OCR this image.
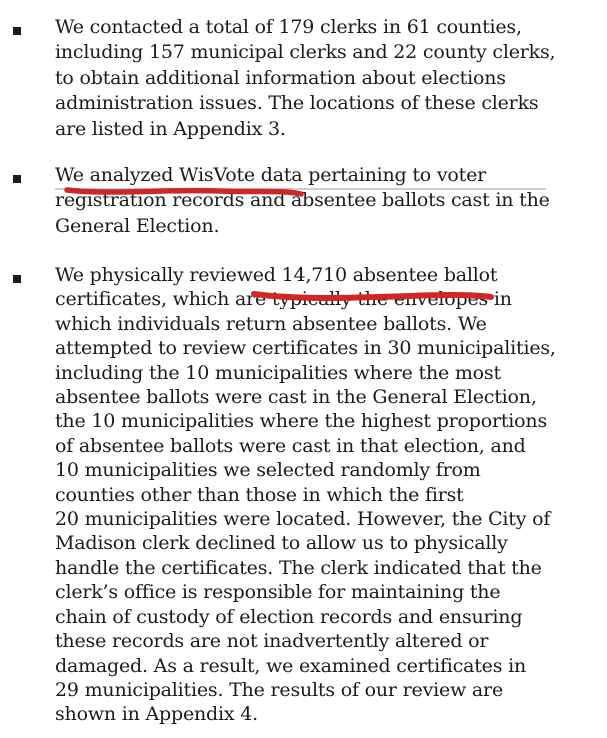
We contacted a total of 179 clerks in 61 counties,
including 157 municipal clerks and 22 county clerks,
to obtain additional information about elections
administration issues. The locations of these clerks
are listed in Appendix 3.
We analyzed WisVote data pertaining to voter
registration records and absentee ballots cast in the
General Election.
We physically reviewed 14,710 absentee ballot
certificates, which are typically the envelopes in
which individuals return absentee ballots. We
attempted to review certificates in 30 municipalities,
including the 10 municipalities where the most
absentee ballots were cast in the General Election,
the 10 municipalities where the highest proportions
of absentee ballots were cast in that election, and
10 municipalities we selected randomly from
counties other than those in which the first
20 municipalities were located. However, the City of
Madison clerk declined to allow us to physically
handle the certificates. The clerk indicated that the
clerk’s office is responsible for maintaining the
chain of custody of election records and ensuring
these records are not inadvertently altered or
damaged. As a result, we examined certificates in
29 municipalities. The results of our review are
shown in Appendix 4.
